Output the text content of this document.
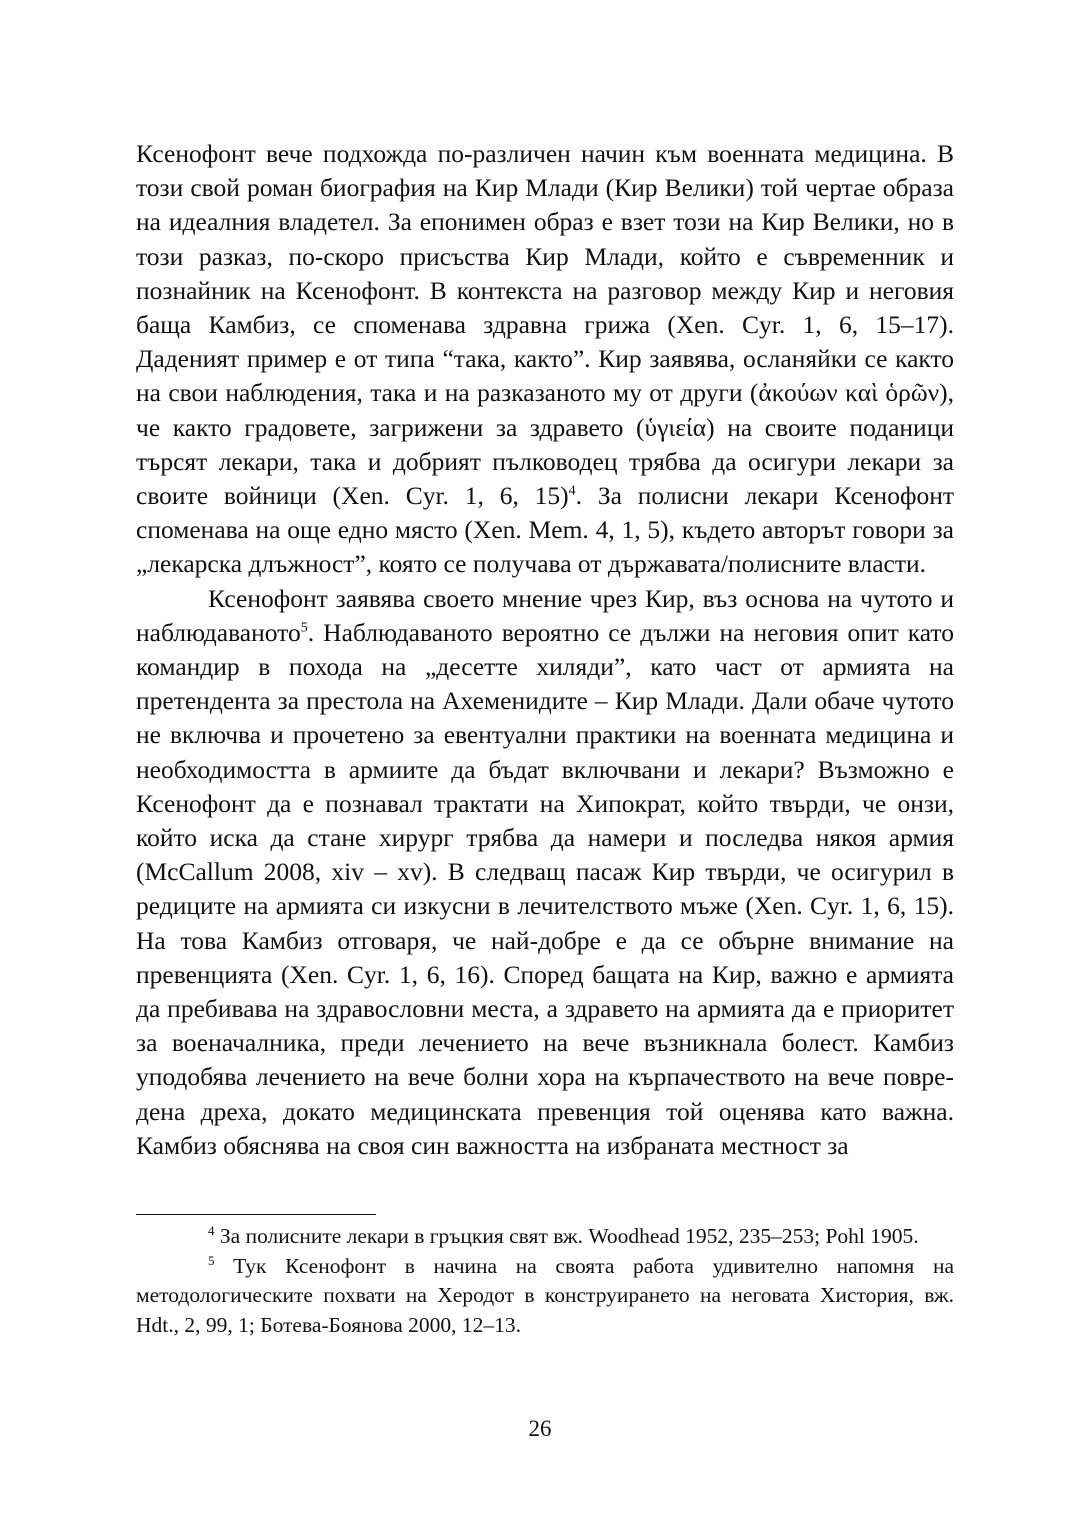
Ксенофонт вече подхожда по-различен начин към военната медицина. В този свой роман биография на Кир Млади (Кир Велики) той чертае образа на идеалния владетел. За епонимен образ е взет този на Кир Велики, но в този разказ, по-скоро присъства Кир Млади, който е съвременник и познайник на Ксенофонт. В контекста на разговор между Кир и неговия баща Камбиз, се споменава здравна грижа (Xen. Cyr. 1, 6, 15–17). Даденият пример е от типа “така, както”. Кир заявява, осланяйки се както на свои наблюдения, така и на разказаното му от други (ἀκούων καὶ ὁρῶν), че както градовете, загрижени за здравето (ὑγιεία) на своите поданици търсят лекари, така и добрият пълководец трябва да осигури лекари за своите войници (Xen. Cyr. 1, 6, 15)$^4$. За полисни лекари Ксенофонт споменава на още едно място (Xen. Mem. 4, 1, 5), където авторът говори за „лекарска длъжност”, която се получава от държавата/полисните власти.

Ксенофонт заявява своето мнение чрез Кир, въз основа на чутото и наблюдаваното$^5$. Наблюдаваното вероятно се дължи на неговия опит като командир в похода на „десетте хиляди”, като част от армията на претендента за престола на Ахеменидите – Кир Млади. Дали обаче чутото не включва и прочетено за евентуални практики на военната медицина и необходимостта в армиите да бъдат включвани и лекари? Възможно е Ксенофонт да е познавал трактати на Хипократ, който твърди, че онзи, който иска да стане хирург трябва да намери и последва някоя армия (McCallum 2008, xiv – xv). В следващ пасаж Кир твърди, че осигурил в редиците на армията си изкусни в лечителството мъже (Xen. Cyr. 1, 6, 15). На това Камбиз отговаря, че най-добре е да се обърне внимание на превенцията (Xen. Cyr. 1, 6, 16). Според бащата на Кир, важно е армията да пребивава на здравословни места, а здравето на армията да е приоритет за военачалника, преди лечението на вече възникнала болест. Камбиз уподобява лечението на вече болни хора на кърпачеството на вече повредена дреха, докато медицинската превенция той оценява като важна. Камбиз обяснява на своя син важността на избраната местност за

$^4$ За полисните лекари в гръцкия свят вж. Woodhead 1952, 235–253; Pohl 1905.

$^5$ Тук Ксенофонт в начина на своята работа удивително напомня на методологическите похвати на Херодот в конструирането на неговата Хистория, вж. Hdt., 2, 99, 1; Ботева-Боянова 2000, 12–13.

26
